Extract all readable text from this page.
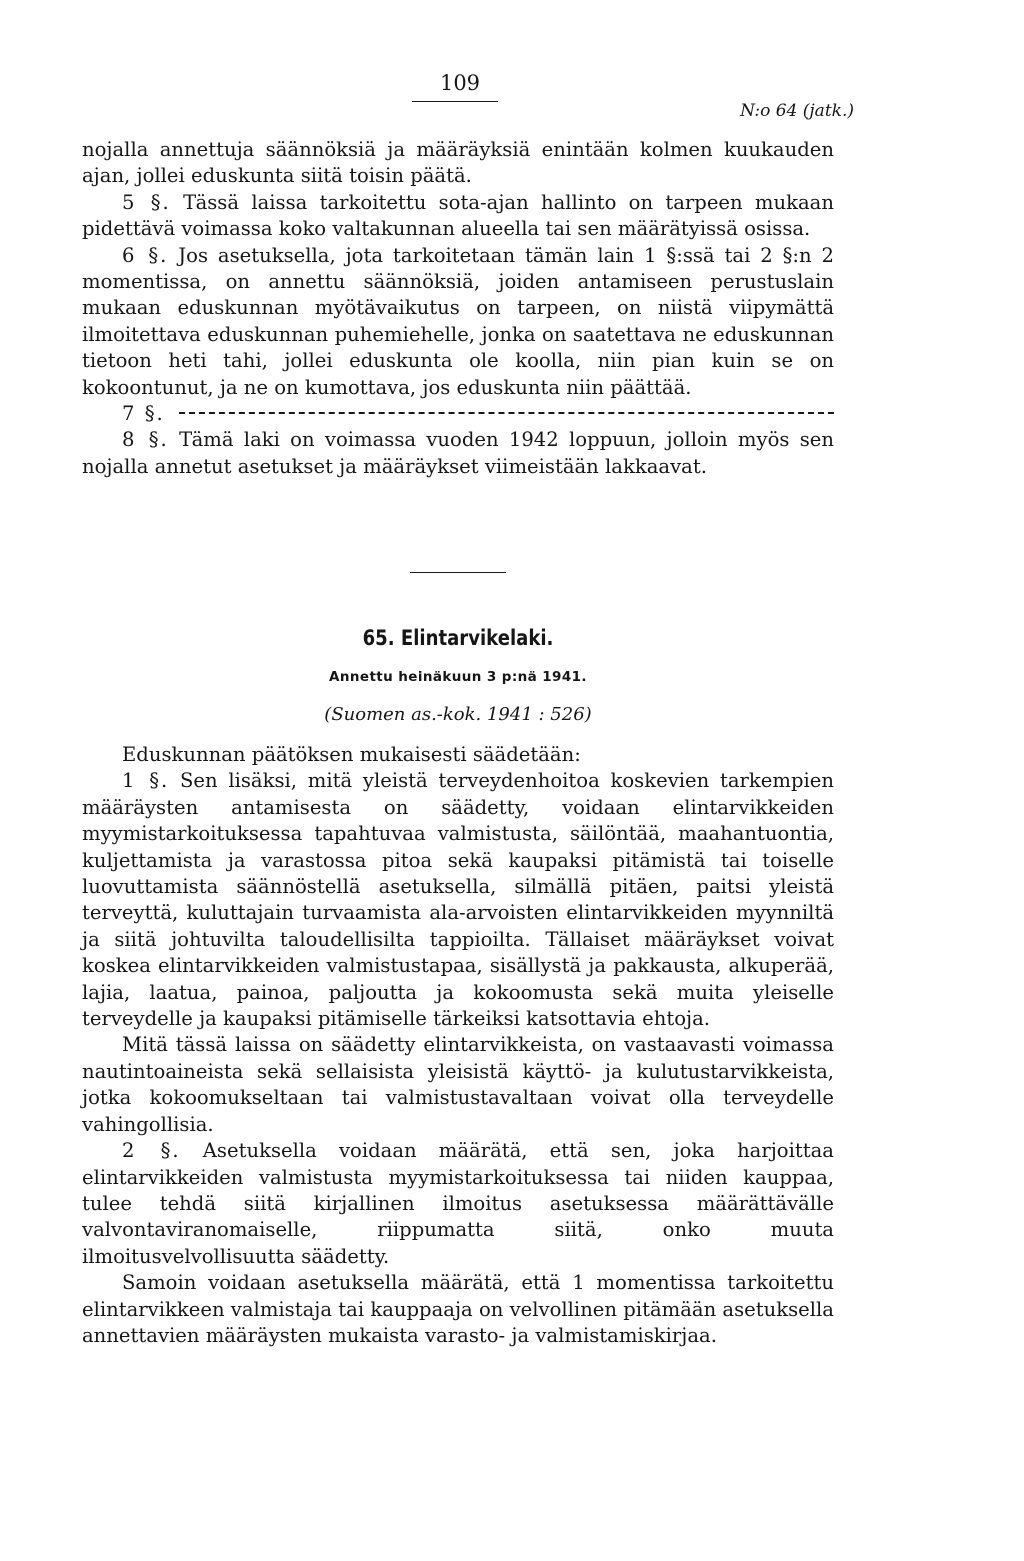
109
N:o 64 (jatk.)

nojalla annettuja säännöksiä ja määräyksiä enintään kolmen kuukauden ajan, jollei eduskunta siitä toisin päätä.

5 §. Tässä laissa tarkoitettu sota-ajan hallinto on tarpeen mukaan pidettävä voimassa koko valtakunnan alueella tai sen määrätyissä osissa.

6 §. Jos asetuksella, jota tarkoitetaan tämän lain 1 §:ssä tai 2 §:n 2 momentissa, on annettu säännöksiä, joiden antamiseen perustuslain mukaan eduskunnan myötävaikutus on tarpeen, on niistä viipymättä ilmoitettava eduskunnan puhemiehelle, jonka on saatettava ne eduskunnan tietoon heti tahi, jollei eduskunta ole koolla, niin pian kuin se on kokoontunut, ja ne on kumottava, jos eduskunta niin päättää.

7 §.

8 §. Tämä laki on voimassa vuoden 1942 loppuun, jolloin myös sen nojalla annetut asetukset ja määräykset viimeistään lakkaavat.

65. Elintarvikelaki.
Annettu heinäkuun 3 p:nä 1941.
(Suomen as.-kok. 1941 : 526)

Eduskunnan päätöksen mukaisesti säädetään:

1 §. Sen lisäksi, mitä yleistä terveydenhoitoa koskevien tarkempien määräysten antamisesta on säädetty, voidaan elintarvikkeiden myymistarkoituksessa tapahtuvaa valmistusta, säilöntää, maahantuontia, kuljettamista ja varastossa pitoa sekä kaupaksi pitämistä tai toiselle luovuttamista säännöstellä asetuksella, silmällä pitäen, paitsi yleistä terveyttä, kuluttajain turvaamista ala-arvoisten elintarvikkeiden myynniltä ja siitä johtuvilta taloudellisilta tappioilta. Tällaiset määräykset voivat koskea elintarvikkeiden valmistustapaa, sisällystä ja pakkausta, alkuperää, lajia, laatua, painoa, paljoutta ja kokoomusta sekä muita yleiselle terveydelle ja kaupaksi pitämiselle tärkeiksi katsottavia ehtoja.

Mitä tässä laissa on säädetty elintarvikkeista, on vastaavasti voimassa nautintoaineista sekä sellaisista yleisistä käyttö- ja kulutustarvikkeista, jotka kokoomukseltaan tai valmistustavaltaan voivat olla terveydelle vahingollisia.

2 §. Asetuksella voidaan määrätä, että sen, joka harjoittaa elintarvikkeiden valmistusta myymistarkoituksessa tai niiden kauppaa, tulee tehdä siitä kirjallinen ilmoitus asetuksessa määrättävälle valvontaviranomaiselle, riippumatta siitä, onko muuta ilmoitusvelvollisuutta säädetty.

Samoin voidaan asetuksella määrätä, että 1 momentissa tarkoitettu elintarvikkeen valmistaja tai kauppaaja on velvollinen pitämään asetuksella annettavien määräysten mukaista varasto- ja valmistamiskirjaa.
